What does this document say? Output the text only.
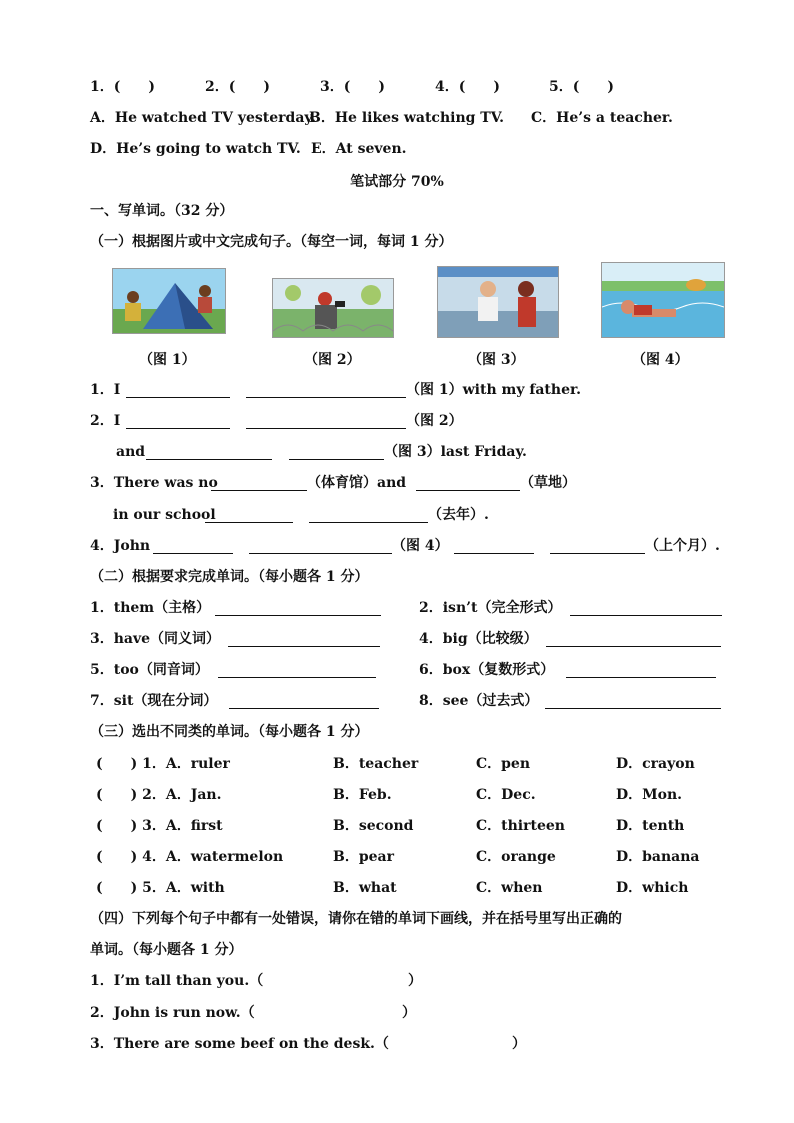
1．(　　)	2．(　　)	3．(　　)	4．(　　)	5．(　　)
A．He watched TV yesterday.
B．He likes watching TV. C．He’s a teacher.
D．He’s going to watch TV. E．At seven.
笔试部分 70%
一、写单词。（32 分）
（一）根据图片或中文完成句子。（每空一词，每词 1 分）
（图 1）	（图 2）	（图 3）	（图 4）
1．I	（图 1）with my father.
2．I	（图 2）
and	（图 3）last Friday.
3．There was no	（体育馆）and	（草地）
in our school	（去年）.
4．John	（图 4）	（上个月）.
（二）根据要求完成单词。（每小题各 1 分）
1．them（主格）	2．isn’t（完全形式）
3．have（同义词）	4．big（比较级）
5．too（同音词）	6．box（复数形式）
7．sit（现在分词）	8．see（过去式）
（三）选出不同类的单词。（每小题各 1 分）
(　　) 1．A．ruler	B．teacher	C．pen	D．crayon
(　　) 2．A．Jan.	B．Feb.	C．Dec.	D．Mon.
(　　) 3．A．first	B．second	C．thirteen	D．tenth
(　　) 4．A．watermelon	B．pear	C．orange	D．banana
(　　) 5．A．with	B．what	C．when	D．which
（四）下列每个句子中都有一处错误，请你在错的单词下画线，并在括号里写出正确的
单词。（每小题各 1 分）
1．I’m tall than you.（	）
2．John is run now.（	）
3．There are some beef on the desk.（	）
